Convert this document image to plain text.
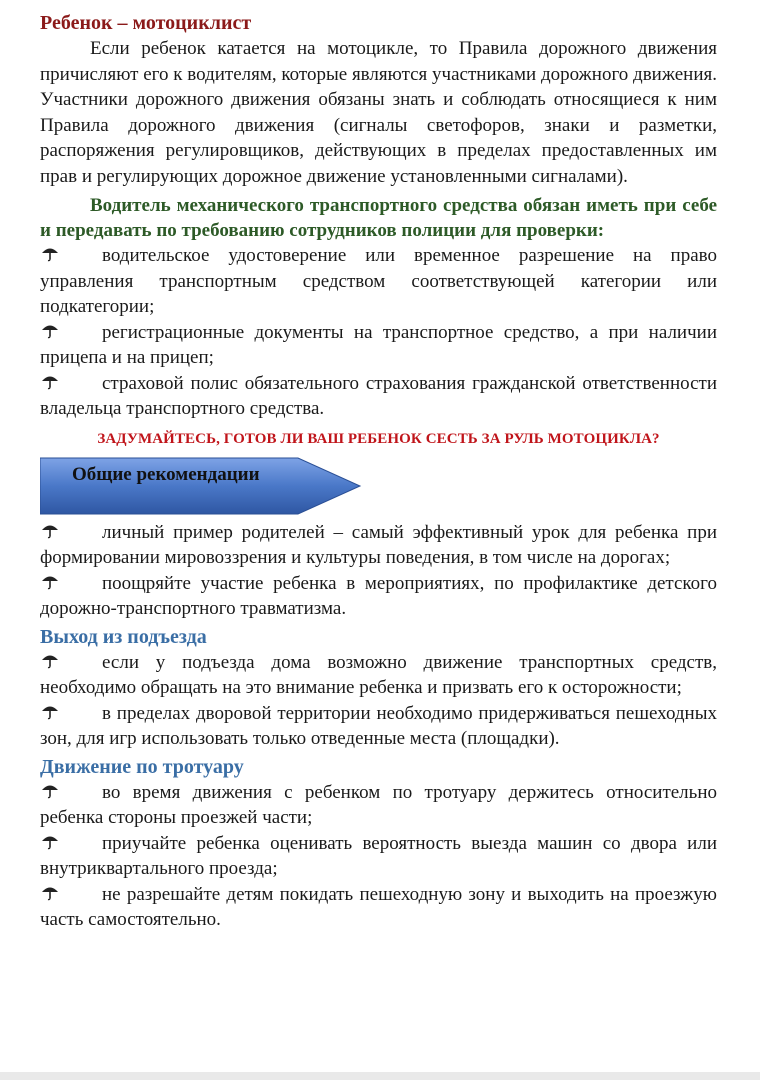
Ребенок – мотоциклист

Если ребенок катается на мотоцикле, то Правила дорожного движения причисляют его к водителям, которые являются участниками дорожного движения. Участники дорожного движения обязаны знать и соблюдать относящиеся к ним Правила дорожного движения (сигналы светофоров, знаки и разметки, распоряжения регулировщиков, действующих в пределах предоставленных им прав и регулирующих дорожное движение установленными сигналами).

Водитель механического транспортного средства обязан иметь при себе и передавать по требованию сотрудников полиции для проверки:

водительское удостоверение или временное разрешение на право управления транспортным средством соответствующей категории или подкатегории;

регистрационные документы на транспортное средство, а при наличии прицепа и на прицеп;

страховой полис обязательного страхования гражданской ответственности владельца транспортного средства.

ЗАДУМАЙТЕСЬ, ГОТОВ ЛИ ВАШ РЕБЕНОК СЕСТЬ ЗА РУЛЬ МОТОЦИКЛА?

Общие рекомендации

личный пример родителей – самый эффективный урок для ребенка при формировании мировоззрения и культуры поведения, в том числе на дорогах;

поощряйте участие ребенка в мероприятиях, по профилактике детского дорожно-транспортного травматизма.

Выход из подъезда

если у подъезда дома возможно движение транспортных средств, необходимо обращать на это внимание ребенка и призвать его к осторожности;

в пределах дворовой территории необходимо придерживаться пешеходных зон, для игр использовать только отведенные места (площадки).

Движение по тротуару

во время движения с ребенком по тротуару держитесь относительно ребенка стороны проезжей части;

приучайте ребенка оценивать вероятность выезда машин со двора или внутриквартального проезда;

не разрешайте детям покидать пешеходную зону и выходить на проезжую часть самостоятельно.
